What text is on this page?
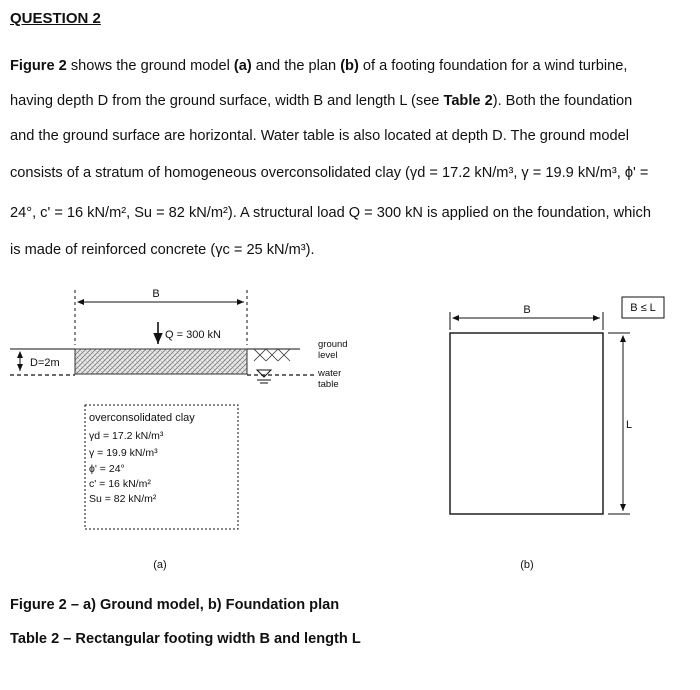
QUESTION 2
Figure 2 shows the ground model (a) and the plan (b) of a footing foundation for a wind turbine,
having depth D from the ground surface, width B and length L (see Table 2). Both the foundation
and the ground surface are horizontal. Water table is also located at depth D. The ground model
consists of a stratum of homogeneous overconsolidated clay (γd = 17.2 kN/m³, γ = 19.9 kN/m³, ϕ' =
24°, c' = 16 kN/m², Su = 82 kN/m²). A structural load Q = 300 kN is applied on the foundation, which
is made of reinforced concrete (γc = 25 kN/m³).
B
Q = 300 kN
ground level
D=2m
water table
overconsolidated clay
γd = 17.2 kN/m³
γ = 19.9 kN/m³
ϕ' = 24°
c' = 16 kN/m²
Su = 82 kN/m²
(a)
B
L
B ≤ L
(b)
Figure 2 – a) Ground model, b) Foundation plan
Table 2 – Rectangular footing width B and length L
